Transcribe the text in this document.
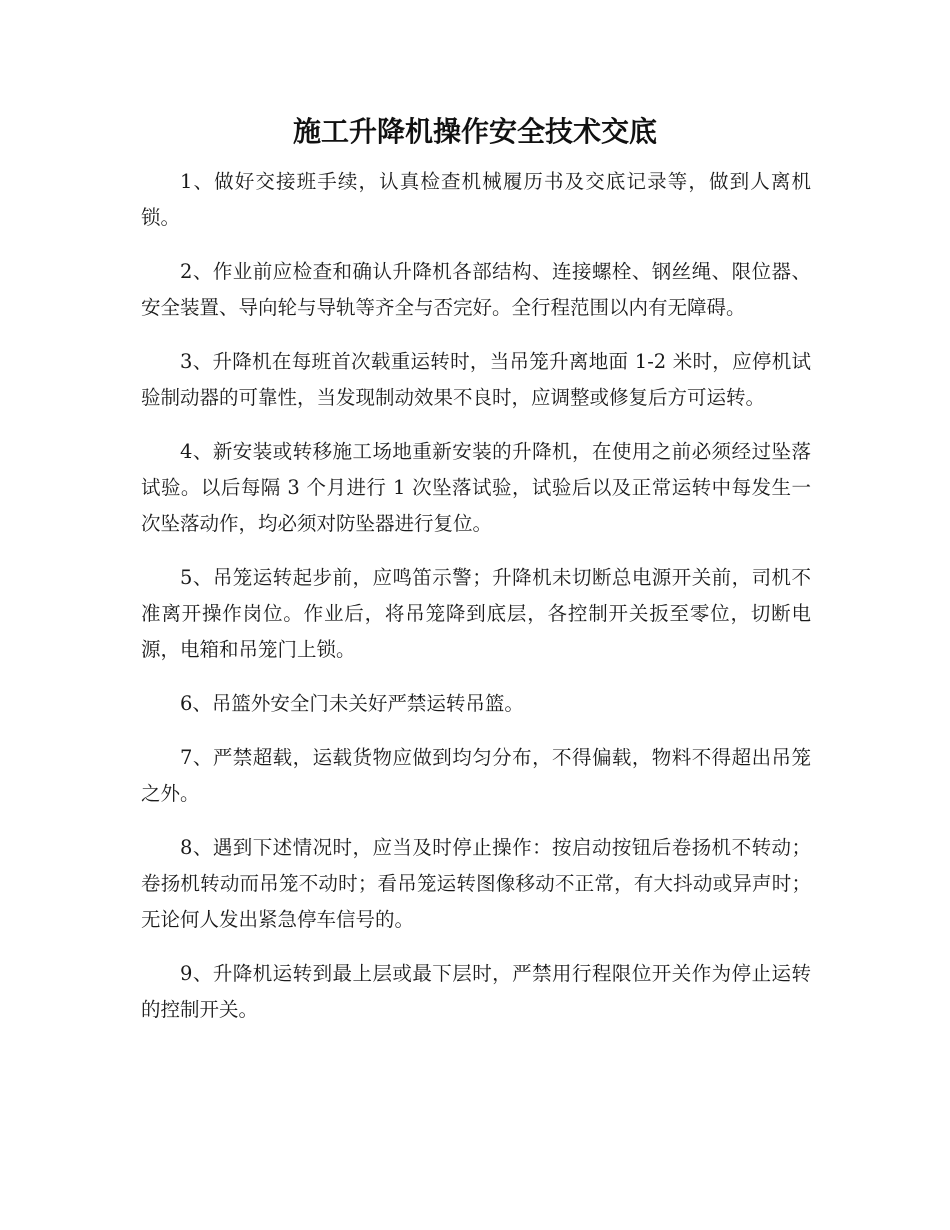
施工升降机操作安全技术交底

1、做好交接班手续，认真检查机械履历书及交底记录等，做到人离机锁。

2、作业前应检查和确认升降机各部结构、连接螺栓、钢丝绳、限位器、安全装置、导向轮与导轨等齐全与否完好。全行程范围以内有无障碍。

3、升降机在每班首次载重运转时，当吊笼升离地面 1-2 米时，应停机试验制动器的可靠性，当发现制动效果不良时，应调整或修复后方可运转。

4、新安装或转移施工场地重新安装的升降机，在使用之前必须经过坠落试验。以后每隔 3 个月进行 1 次坠落试验，试验后以及正常运转中每发生一次坠落动作，均必须对防坠器进行复位。

5、吊笼运转起步前，应鸣笛示警；升降机未切断总电源开关前，司机不准离开操作岗位。作业后，将吊笼降到底层，各控制开关扳至零位，切断电源，电箱和吊笼门上锁。

6、吊篮外安全门未关好严禁运转吊篮。

7、严禁超载，运载货物应做到均匀分布，不得偏载，物料不得超出吊笼之外。

8、遇到下述情况时，应当及时停止操作：按启动按钮后卷扬机不转动；卷扬机转动而吊笼不动时；看吊笼运转图像移动不正常，有大抖动或异声时；无论何人发出紧急停车信号的。

9、升降机运转到最上层或最下层时，严禁用行程限位开关作为停止运转的控制开关。
